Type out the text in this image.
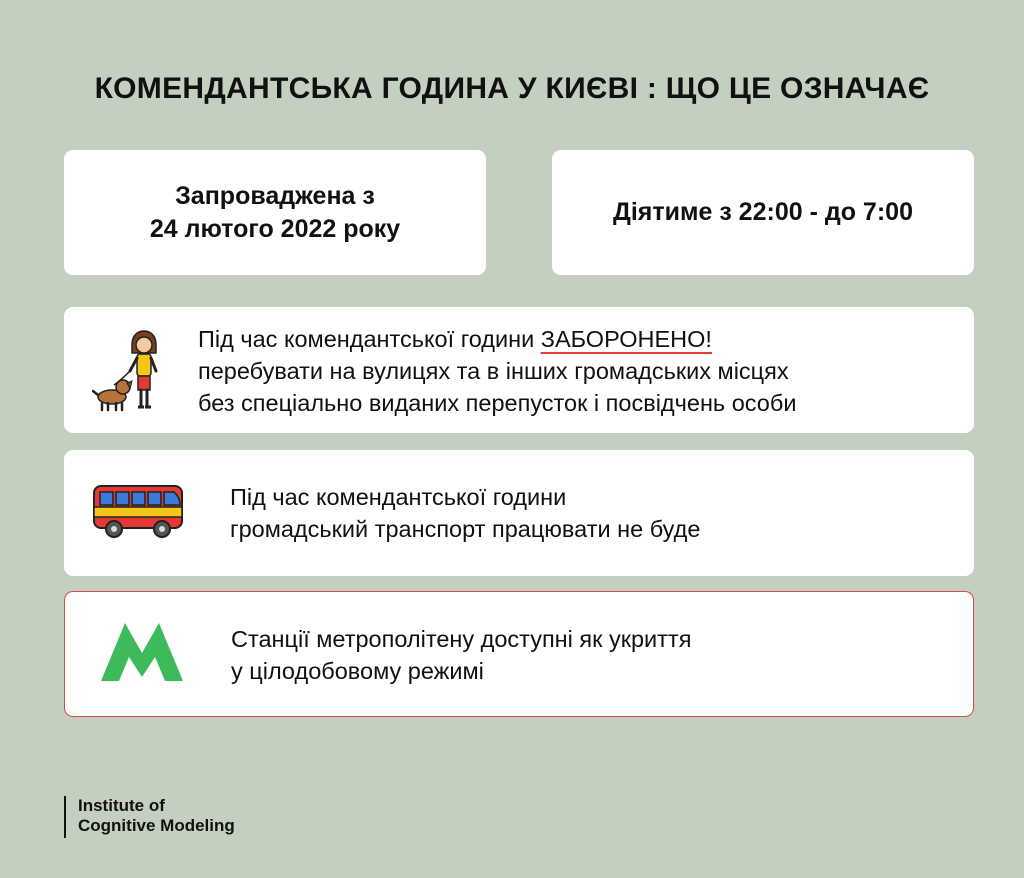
КОМЕНДАНТСЬКА ГОДИНА У КИЄВІ : ЩО ЦЕ ОЗНАЧАЄ
Запроваджена з
24 лютого 2022 року
Діятиме з 22:00 - до 7:00
Під час комендантської години ЗАБОРОНЕНО!
перебувати на вулицях та в інших громадських місцях
без спеціально виданих перепусток і посвідчень особи
Під час комендантської години
громадський транспорт працювати не буде
Станції метрополітену доступні як укриття
у цілодобовому режимі
Institute of
Cognitive Modeling
